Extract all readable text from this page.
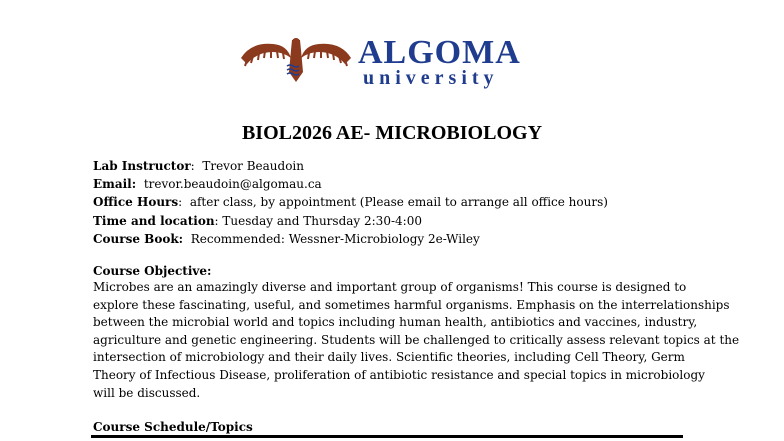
ALGOMA
university
BIOL2026 AE- MICROBIOLOGY
Lab Instructor: Trevor Beaudoin
Email: trevor.beaudoin@algomau.ca
Office Hours: after class, by appointment (Please email to arrange all office hours)
Time and location: Tuesday and Thursday 2:30-4:00
Course Book: Recommended: Wessner-Microbiology 2e-Wiley
Course Objective:
Microbes are an amazingly diverse and important group of organisms! This course is designed to
explore these fascinating, useful, and sometimes harmful organisms. Emphasis on the interrelationships
between the microbial world and topics including human health, antibiotics and vaccines, industry,
agriculture and genetic engineering. Students will be challenged to critically assess relevant topics at the
intersection of microbiology and their daily lives. Scientific theories, including Cell Theory, Germ
Theory of Infectious Disease, proliferation of antibiotic resistance and special topics in microbiology
will be discussed.
Course Schedule/Topics
